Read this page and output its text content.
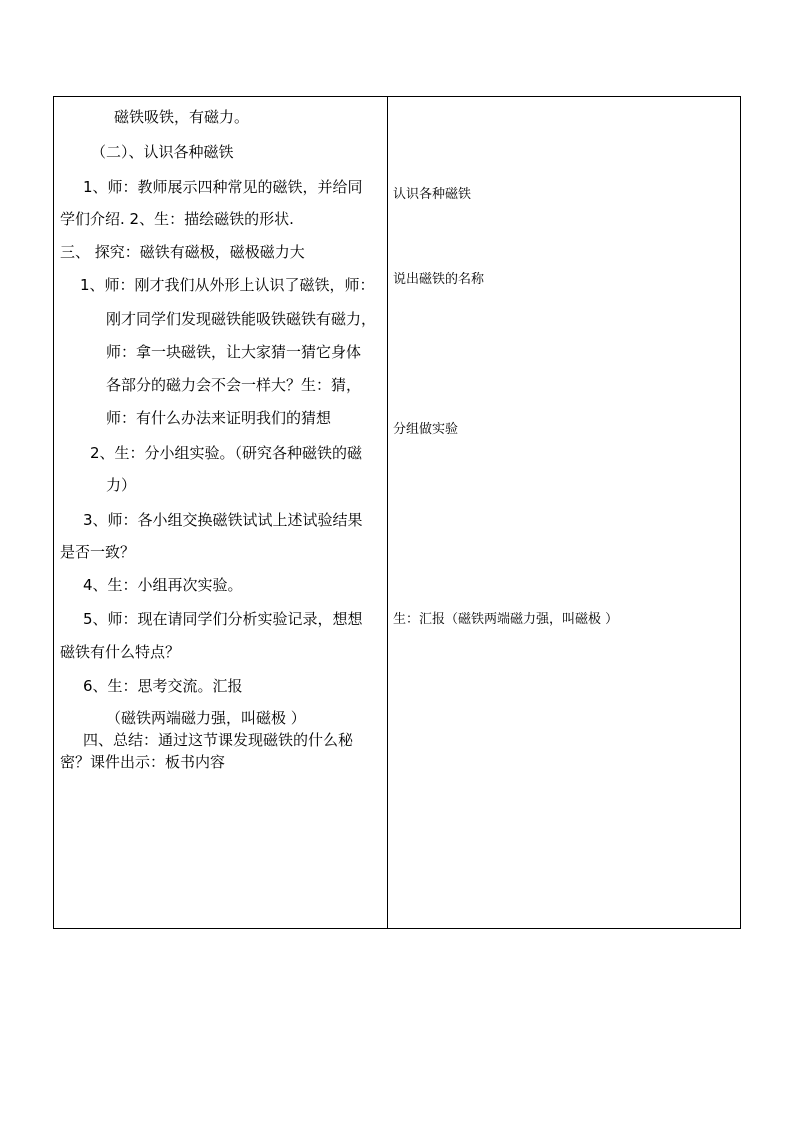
磁铁吸铁，有磁力。
（二）、认识各种磁铁
1、师：教师展示四种常见的磁铁，并给同
学们介绍. 2、生：描绘磁铁的形状.
三、 探究：磁铁有磁极，磁极磁力大
1、师：刚才我们从外形上认识了磁铁，师：
刚才同学们发现磁铁能吸铁磁铁有磁力，
师：拿一块磁铁，让大家猜一猜它身体
各部分的磁力会不会一样大？生：猜，
师：有什么办法来证明我们的猜想
2、生：分小组实验。（研究各种磁铁的磁
力）
3、师：各小组交换磁铁试试上述试验结果
是否一致？
4、生：小组再次实验。
5、师：现在请同学们分析实验记录，想想
磁铁有什么特点？
6、生：思考交流。汇报
（磁铁两端磁力强，叫磁极 ）
四、总结：通过这节课发现磁铁的什么秘
密？课件出示：板书内容
认识各种磁铁
说出磁铁的名称
分组做实验
生：汇报（磁铁两端磁力强，叫磁极 ）
